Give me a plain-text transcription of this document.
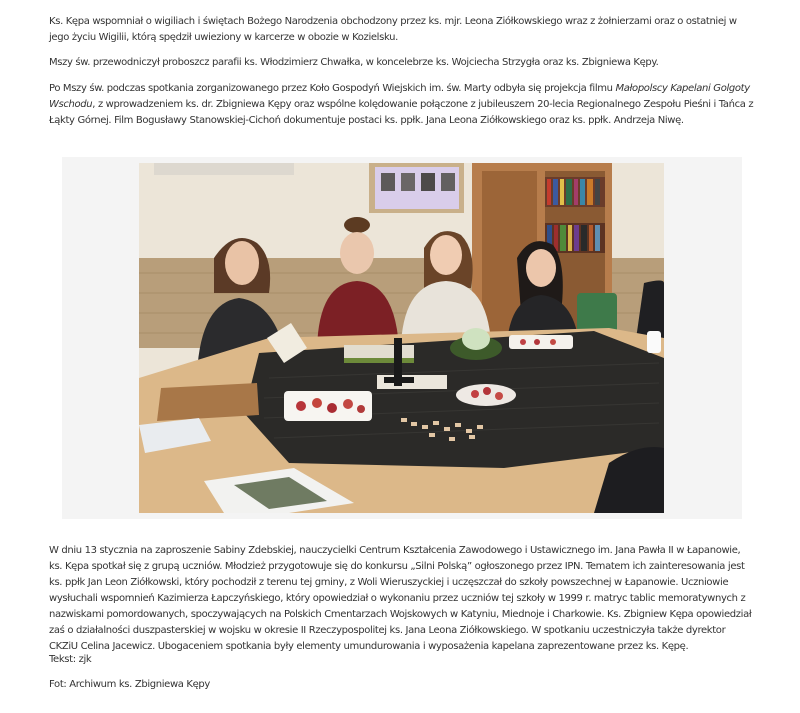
Ks. Kępa wspomniał o wigiliach i świętach Bożego Narodzenia obchodzony przez ks. mjr. Leona Ziółkowskiego wraz z żołnierzami oraz o ostatniej w jego życiu Wigilii, którą spędził uwieziony w karcerze w obozie w Kozielsku.

Mszy św. przewodniczył proboszcz parafii ks. Włodzimierz Chwałka, w koncelebrze ks. Wojciecha Strzygła oraz ks. Zbigniewa Kępy.

Po Mszy św. podczas spotkania zorganizowanego przez Koło Gospodyń Wiejskich im. św. Marty odbyła się projekcja filmu Małopolscy Kapelani Golgoty Wschodu, z wprowadzeniem ks. dr. Zbigniewa Kępy oraz wspólne kolędowanie połączone z jubileuszem 20-lecia Regionalnego Zespołu Pieśni i Tańca z Łąkty Górnej. Film Bogusławy Stanowskiej-Cichoń dokumentuje postaci ks. ppłk. Jana Leona Ziółkowskiego oraz ks. ppłk. Andrzeja Niwę.

W dniu 13 stycznia na zaproszenie Sabiny Zdebskiej, nauczycielki Centrum Kształcenia Zawodowego i Ustawicznego im. Jana Pawła II w Łapanowie, ks. Kępa spotkał się z grupą uczniów. Młodzież przygotowuje się do konkursu „Silni Polską” ogłoszonego przez IPN. Tematem ich zainteresowania jest ks. ppłk Jan Leon Ziółkowski, który pochodził z terenu tej gminy, z Woli Wieruszyckiej i uczęszczał do szkoły powszechnej w Łapanowie. Uczniowie wysłuchali wspomnień Kazimierza Łapczyńskiego, który opowiedział o wykonaniu przez uczniów tej szkoły w 1999 r. matryc tablic memoratywnych z nazwiskami pomordowanych, spoczywających na Polskich Cmentarzach Wojskowych w Katyniu, Miednoje i Charkowie. Ks. Zbigniew Kępa opowiedział zaś o działalności duszpasterskiej w wojsku w okresie II Rzeczypospolitej ks. Jana Leona Ziółkowskiego. W spotkaniu uczestniczyła także dyrektor CKZiU Celina Jacewicz. Ubogaceniem spotkania były elementy umundurowania i wyposażenia kapelana zaprezentowane przez ks. Kępę.

Tekst: zjk

Fot: Archiwum ks. Zbigniewa Kępy
